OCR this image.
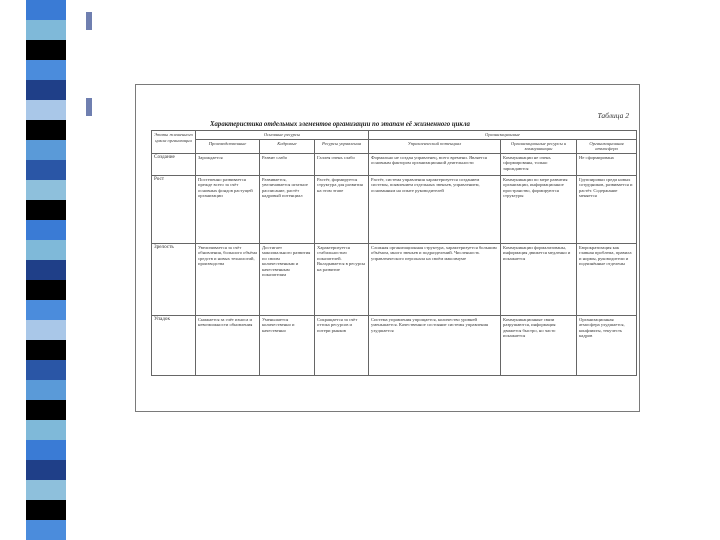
Таблица 2
Характеристика отдельных элементов организации по этапам её жизненного цикла
Этапы жизненного цикла организации	Основные ресурсы			Организационные		
	Производственные	Кадровые	Ресурсы управления	Управленческий потенциал	Организационные ресурсы и коммуникации	Организационная атмосфера
Создание	Зарождается	Развит слабо	Галлея очень слабо	Формально не создан управленец, всего времени. Является основным фактором организационной деятельности	Коммуникации не очень сформированы, только зарождаются	Не сформирована
Рост	Постепенно развивается прежде всего за счёт основных фондов растущей организации	Развивается, увеличивается штатное расписание, растёт кадровый потенциал	Растёт, формируется структура для развития на этом этапе	Растёт, система управления характеризуется созданием системы, появлением отдельных звеньев, управлением, основанным на опыте руководителей	Коммуникации по мере развития организации, информационное пространство, формируются структуры	Группировки среди новых сотрудников, развивается и растёт. Содержание меняется
Зрелость	Увеличивается за счёт обновления, большого объёма средств и новых технологий, производства	Достигает максимального развития по своим количественным и качественным показателям	Характеризуется стабильностью показателей. Вкладывается в ресурсы на развитие	Сложная организационная структура, характеризуется большим объёмом, много звеньев и подразделений. Численность управленческого персонала на своём максимуме	Коммуникации формализованы, информация движется медленно и искажается	Бюрократизация как главная проблема, правила и нормы, руководители и подчинённые отделены
Упадок	Снижается за счёт износа и невозможности обновления	Уменьшается количественно и качественно	Сокращается за счёт оттока ресурсов и потери рынков	Система управления упрощается, количество уровней уменьшается. Качественное состояние системы управления ухудшается	Коммуникационные связи разрушаются, информация движется быстро, но часто искажается	Организационная атмосфера ухудшается, конфликты, текучесть кадров
